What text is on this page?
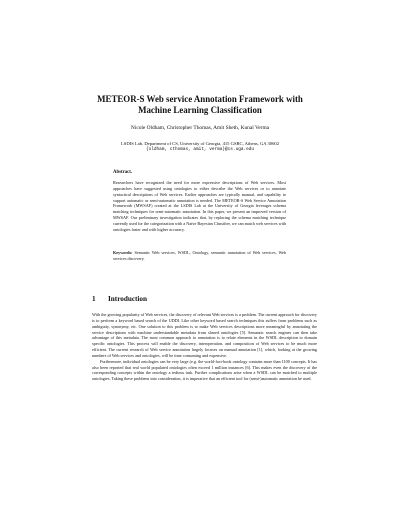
METEOR-S Web service Annotation Framework with
Machine Learning Classification
Nicole Oldham, Christopher Thomas, Amit Sheth, Kunal Verma
LSDIS Lab, Department of CS, University of Georgia, 415 GSRC, Athens, GA 30602
{oldham, cthomas, amit, verma}@cs.uga.edu
Abstract.
Researchers have recognized the need for more expressive descriptions of Web services. Most approaches have suggested using ontologies to either describe the Web services or to annotate syntactical descriptions of Web services. Earlier approaches are typically manual, and capability to support automatic or semi-automatic annotation is needed. The METEOR-S Web Service Annotation Framework (MWSAF) created at the LSDIS Lab at the University of Georgia leverages schema matching techniques for semi-automatic annotation. In this paper, we present an improved version of MWSAF. Our preliminary investigation indicates that, by replacing the schema matching technique currently used for the categorization with a Naïve Bayesian Classifier, we can match web services with ontologies faster and with higher accuracy.
Keywords: Semantic Web services, WSDL, Ontology, semantic annotation of Web services, Web services discovery.
1 Introduction

With the growing popularity of Web services, the discovery of relevant Web services is a problem. The current approach for discovery is to perform a keyword based search of the UDDI. Like other keyword based search techniques this suffers from problems such as ambiguity, synonymy, etc. One solution to this problem is to make Web services descriptions more meaningful by annotating the service descriptions with machine understandable metadata from shared ontologies [5]. Semantic search engines can then take advantage of this metadata. The most common approach to annotation is to relate elements in the WSDL description to domain specific ontologies. This process will enable the discovery, interoperation, and composition of Web services to be much more efficient. The current research of Web service annotation largely focuses on manual annotation [1], which, looking at the growing numbers of Web services and ontologies, will be time consuming and expensive.

Furthermore, individual ontologies can be very large (e.g. the world-fact-book ontology contains more than 1100 concepts. It has also been reported that real world populated ontologies often exceed 1 million instances [6]. This makes even the discovery of the corresponding concepts within the ontology a tedious task. Further complications arise when a WSDL can be matched to multiple ontologies. Taking these problems into consideration, it is imperative that an efficient tool for (semi-)automatic annotation be used.
